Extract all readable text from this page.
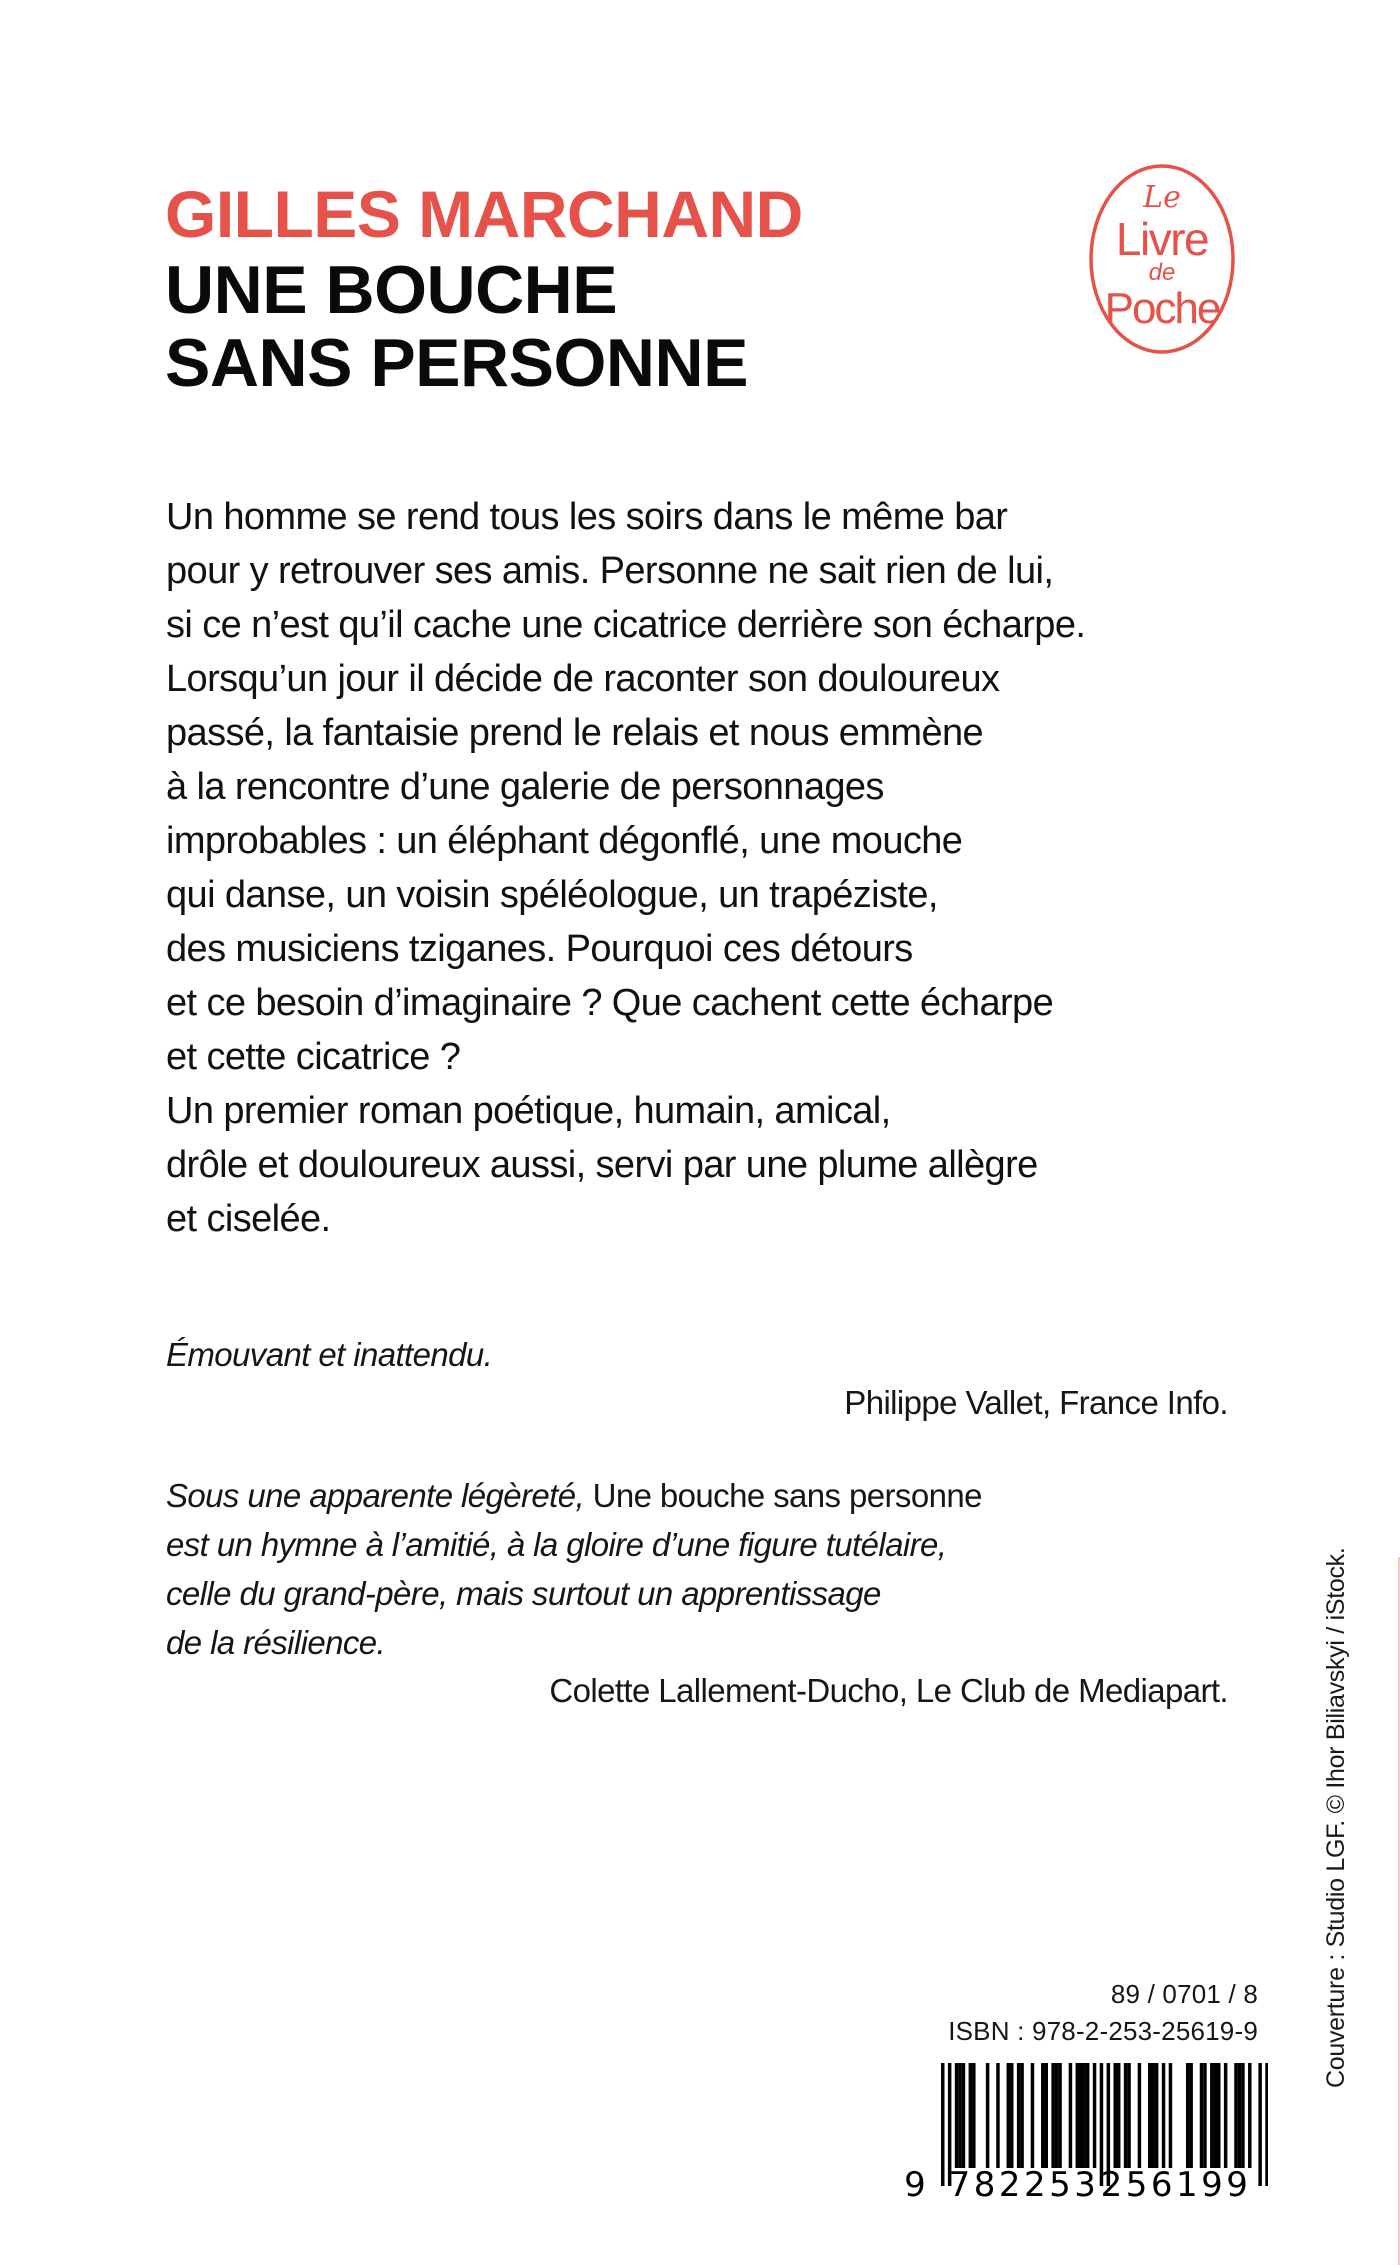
GILLES MARCHAND
UNE BOUCHE
SANS PERSONNE
Le
Livre
de
Poche

Un homme se rend tous les soirs dans le même bar
pour y retrouver ses amis. Personne ne sait rien de lui,
si ce n’est qu’il cache une cicatrice derrière son écharpe.
Lorsqu’un jour il décide de raconter son douloureux
passé, la fantaisie prend le relais et nous emmène
à la rencontre d’une galerie de personnages
improbables : un éléphant dégonflé, une mouche
qui danse, un voisin spéléologue, un trapéziste,
des musiciens tziganes. Pourquoi ces détours
et ce besoin d’imaginaire ? Que cachent cette écharpe
et cette cicatrice ?
Un premier roman poétique, humain, amical,
drôle et douloureux aussi, servi par une plume allègre
et ciselée.

Émouvant et inattendu.

Philippe Vallet, France Info.

Sous une apparente légèreté, Une bouche sans personne
est un hymne à l’amitié, à la gloire d’une figure tutélaire,
celle du grand-père, mais surtout un apprentissage
de la résilience.

Colette Lallement-Ducho, Le Club de Mediapart.

89 / 0701 / 8
ISBN : 978-2-253-25619-9
9 782253 256199
Couverture : Studio LGF. © Ihor Biliavskyi / iStock.
